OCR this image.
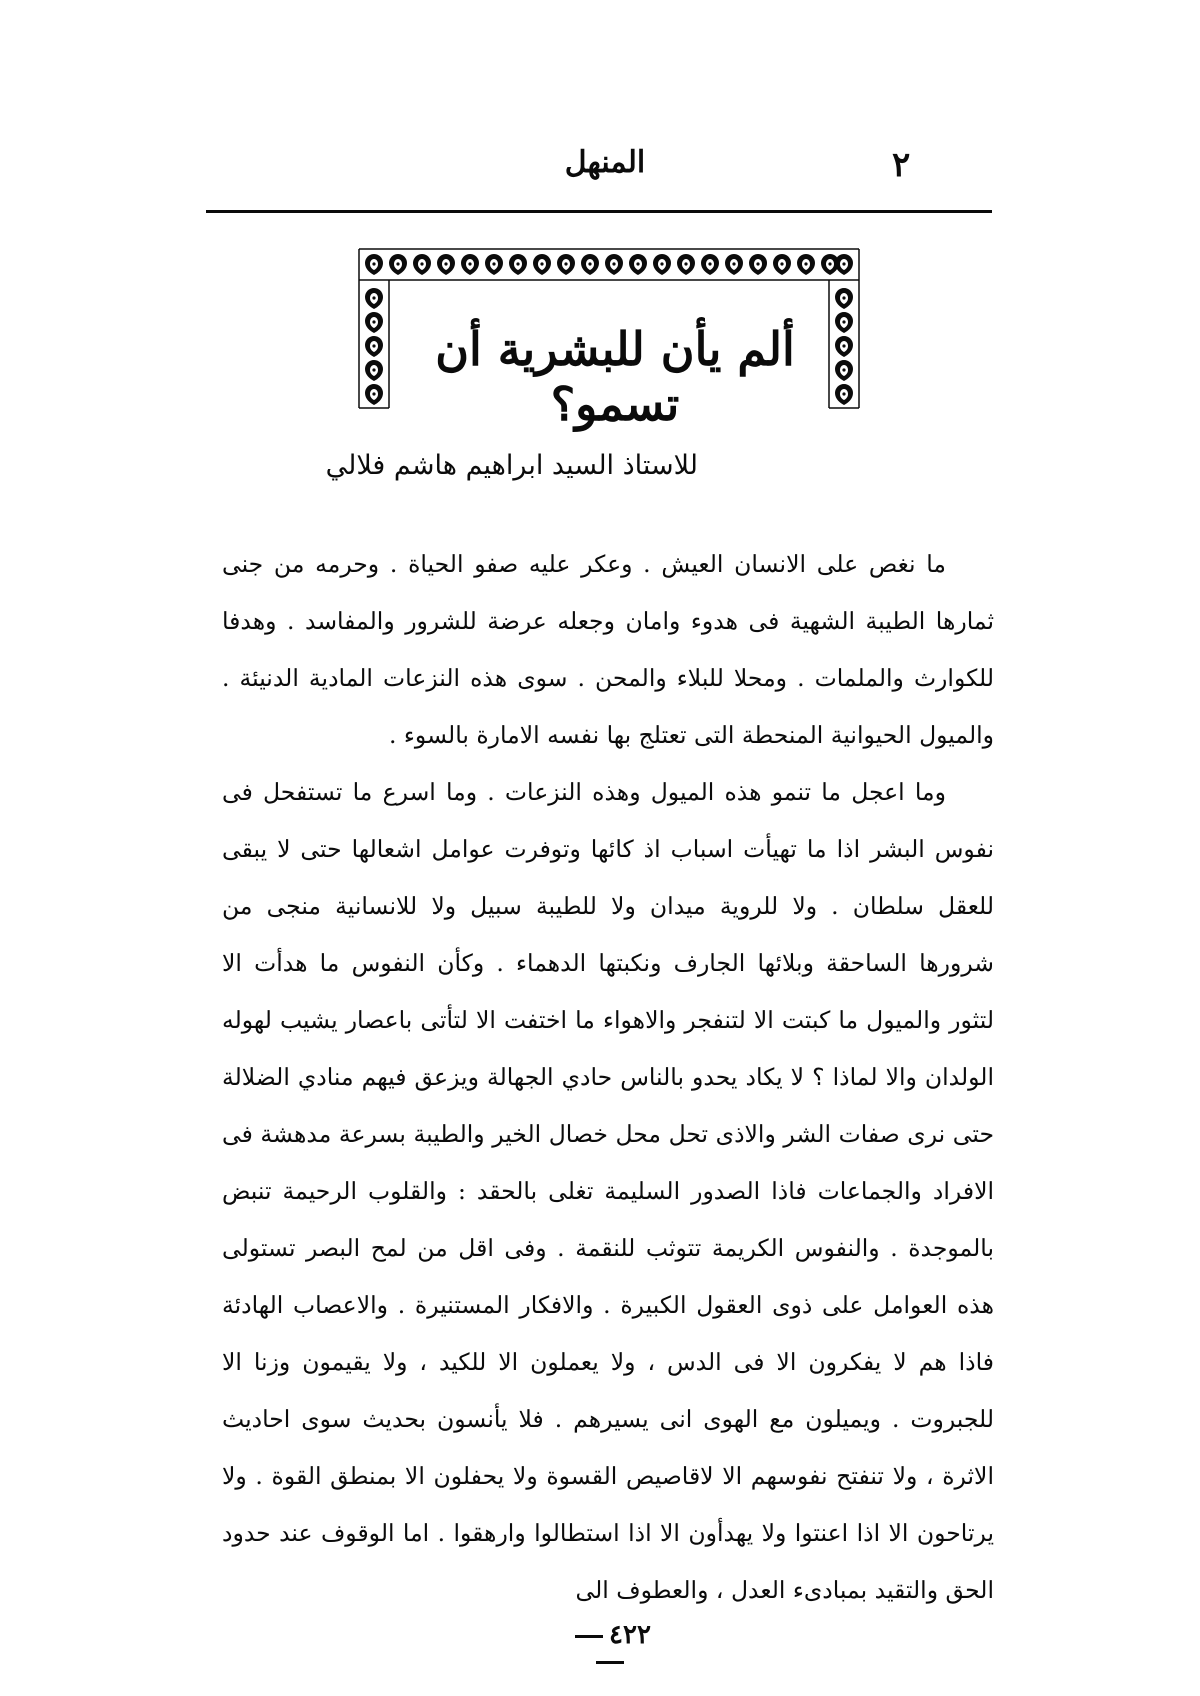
٢
المنهل
ألم يأن للبشرية أن تسمو؟
للاستاذ السيد ابراهيم هاشم فلالي

ما نغص على الانسان العيش . وعكر عليه صفو الحياة . وحرمه من جنى ثمارها الطيبة الشهية فى هدوء وامان وجعله عرضة للشرور والمفاسد . وهدفا للكوارث والملمات . ومحلا للبلاء والمحن . سوى هذه النزعات المادية الدنيئة . والميول الحيوانية المنحطة التى تعتلج بها نفسه الامارة بالسوء .

وما اعجل ما تنمو هذه الميول وهذه النزعات . وما اسرع ما تستفحل فى نفوس البشر اذا ما تهيأت اسباب اذ كائها وتوفرت عوامل اشعالها حتى لا يبقى للعقل سلطان . ولا للروية ميدان ولا للطيبة سبيل ولا للانسانية منجى من شرورها الساحقة وبلائها الجارف ونكبتها الدهماء . وكأن النفوس ما هدأت الا لتثور والميول ما كبتت الا لتنفجر والاهواء ما اختفت الا لتأتى باعصار يشيب لهوله الولدان والا لماذا ؟ لا يكاد يحدو بالناس حادي الجهالة ويزعق فيهم منادي الضلالة حتى نرى صفات الشر والاذى تحل محل خصال الخير والطيبة بسرعة مدهشة فى الافراد والجماعات فاذا الصدور السليمة تغلى بالحقد : والقلوب الرحيمة تنبض بالموجدة . والنفوس الكريمة تتوثب للنقمة . وفى اقل من لمح البصر تستولى هذه العوامل على ذوى العقول الكبيرة . والافكار المستنيرة . والاعصاب الهادئة فاذا هم لا يفكرون الا فى الدس ، ولا يعملون الا للكيد ، ولا يقيمون وزنا الا للجبروت . ويميلون مع الهوى انى يسيرهم . فلا يأنسون بحديث سوى احاديث الاثرة ، ولا تنفتح نفوسهم الا لاقاصيص القسوة ولا يحفلون الا بمنطق القوة . ولا يرتاحون الا اذا اعنتوا ولا يهدأون الا اذا استطالوا وارهقوا . اما الوقوف عند حدود الحق والتقيد بمبادىء العدل ، والعطوف الى

٤٢٢
